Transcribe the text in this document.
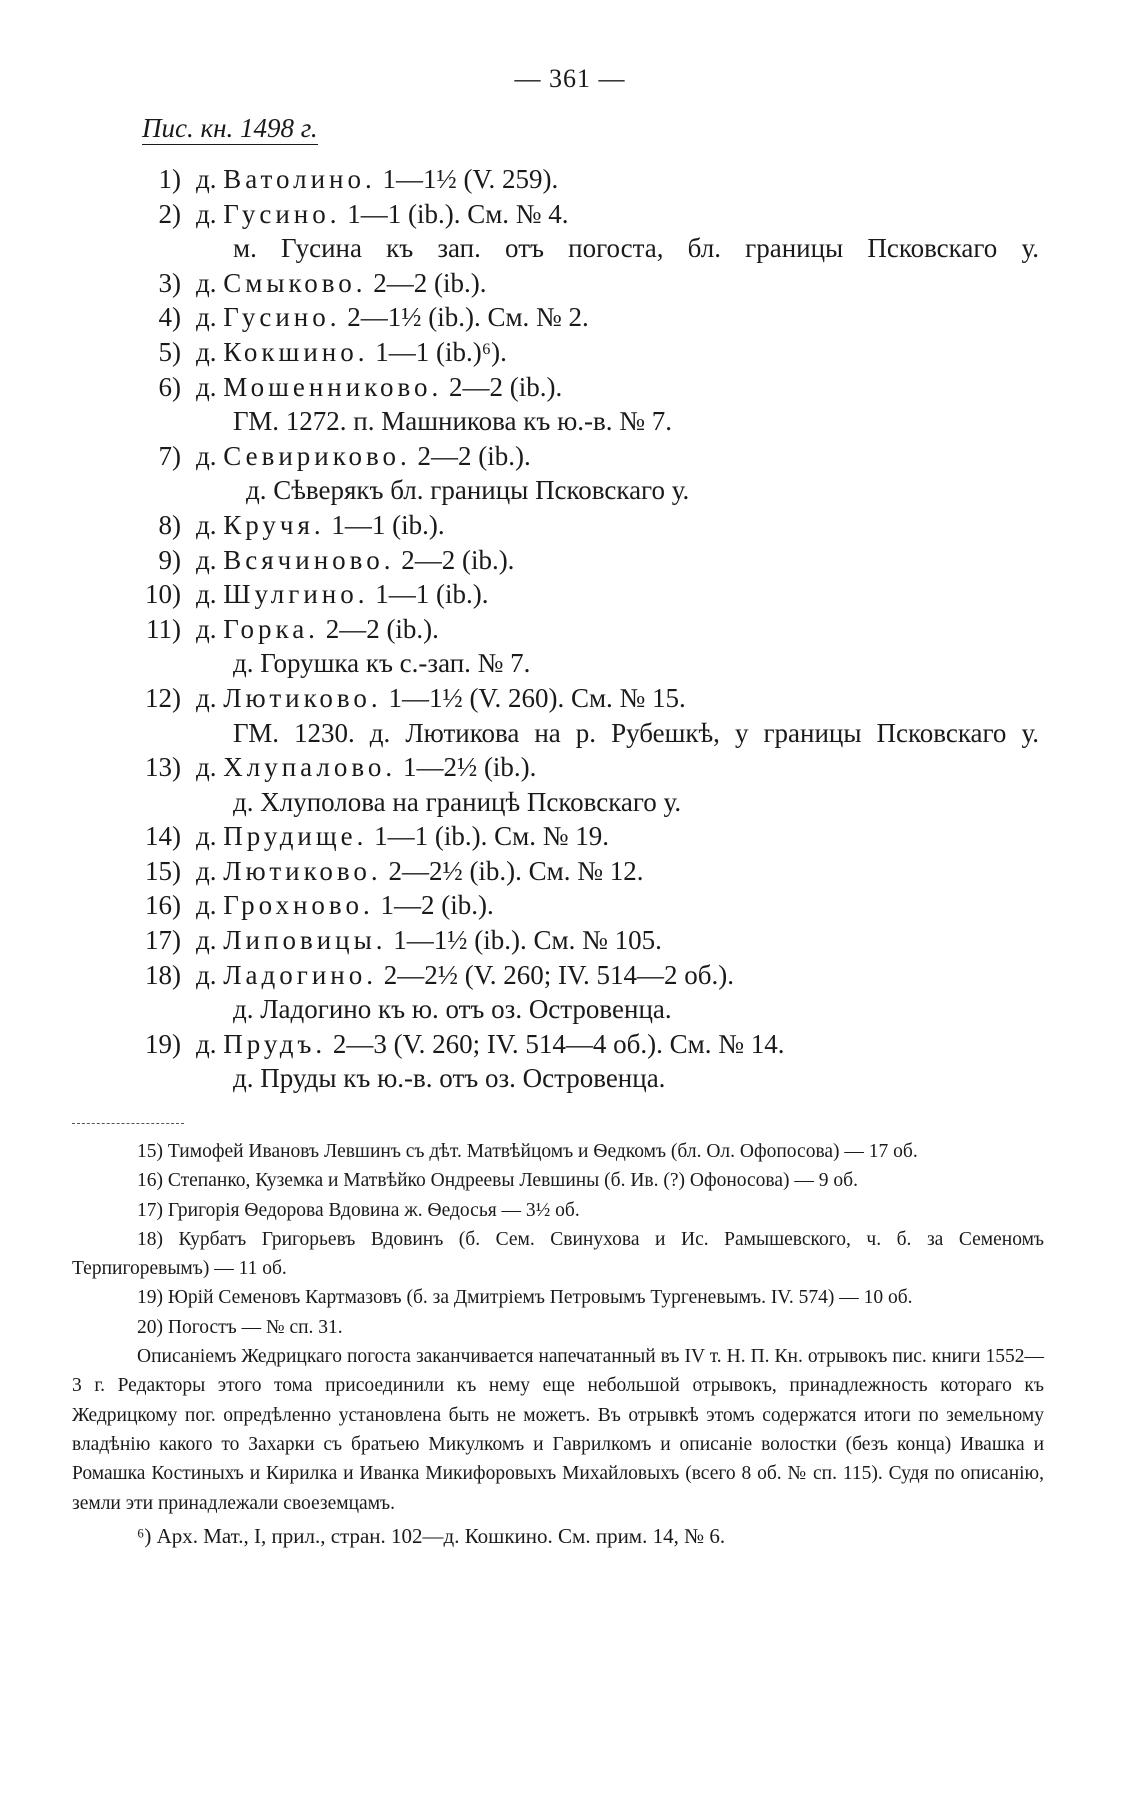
— 361 —
Пис. кн. 1498 г.
1) д. Ватолино. 1—1½ (V. 259).
2) д. Гусино. 1—1 (ib.). См. № 4.
м. Гусина къ зап. отъ погоста, бл. границы Псковскаго у.
3) д. Смыково. 2—2 (ib.).
4) д. Гусино. 2—1½ (ib.). См. № 2.
5) д. Кокшино. 1—1 (ib.)⁶).
6) д. Мошенниково. 2—2 (ib.).
ГМ. 1272. п. Машникова къ ю.-в. № 7.
7) д. Севириково. 2—2 (ib.).
д. Сѣверякъ бл. границы Псковскаго у.
8) д. Кручя. 1—1 (ib.).
9) д. Всячиново. 2—2 (ib.).
10) д. Шулгино. 1—1 (ib.).
11) д. Горка. 2—2 (ib.).
д. Горушка къ с.-зап. № 7.
12) д. Лютиково. 1—1½ (V. 260). См. № 15.
ГМ. 1230. д. Лютикова на р. Рубешкѣ, у границы Псковскаго у.
13) д. Хлупалово. 1—2½ (ib.).
д. Хлуполова на границѣ Псковскаго у.
14) д. Прудище. 1—1 (ib.). См. № 19.
15) д. Лютиково. 2—2½ (ib.). См. № 12.
16) д. Грохново. 1—2 (ib.).
17) д. Липовицы. 1—1½ (ib.). См. № 105.
18) д. Ладогино. 2—2½ (V. 260; IV. 514—2 об.).
д. Ладогино къ ю. отъ оз. Островенца.
19) д. Прудъ. 2—3 (V. 260; IV. 514—4 об.). См. № 14.
д. Пруды къ ю.-в. отъ оз. Островенца.

15) Тимофей Ивановъ Левшинъ съ дѣт. Матвѣйцомъ и Ѳедкомъ (бл. Ол. Офопосова) — 17 об.

16) Степанко, Куземка и Матвѣйко Ондреевы Левшины (б. Ив. (?) Офоносова) — 9 об.

17) Григорія Ѳедорова Вдовина ж. Ѳедосья — 3½ об.

18) Курбатъ Григорьевъ Вдовинъ (б. Сем. Свинухова и Ис. Рамышевского, ч. б. за Семеномъ Терпигоревымъ) — 11 об.

19) Юрій Семеновъ Картмазовъ (б. за Дмитріемъ Петровымъ Тургеневымъ. IV. 574) — 10 об.

20) Погостъ — № сп. 31.

Описаніемъ Жедрицкаго погоста заканчивается напечатанный въ IV т. Н. П. Кн. отрывокъ пис. книги 1552—3 г. Редакторы этого тома присоединили къ нему еще небольшой отрывокъ, принадлежность котораго къ Жедрицкому пог. опредѣленно установлена быть не можетъ. Въ отрывкѣ этомъ содержатся итоги по земельному владѣнію какого то Захарки съ братьею Микулкомъ и Гаврилкомъ и описаніе волостки (безъ конца) Ивашка и Ромашка Костиныхъ и Кирилка и Иванка Микифоровыхъ Михайловыхъ (всего 8 об. № сп. 115). Судя по описанію, земли эти принадлежали своеземцамъ.

⁶) Арх. Мат., I, прил., стран. 102—д. Кошкино. См. прим. 14, № 6.
